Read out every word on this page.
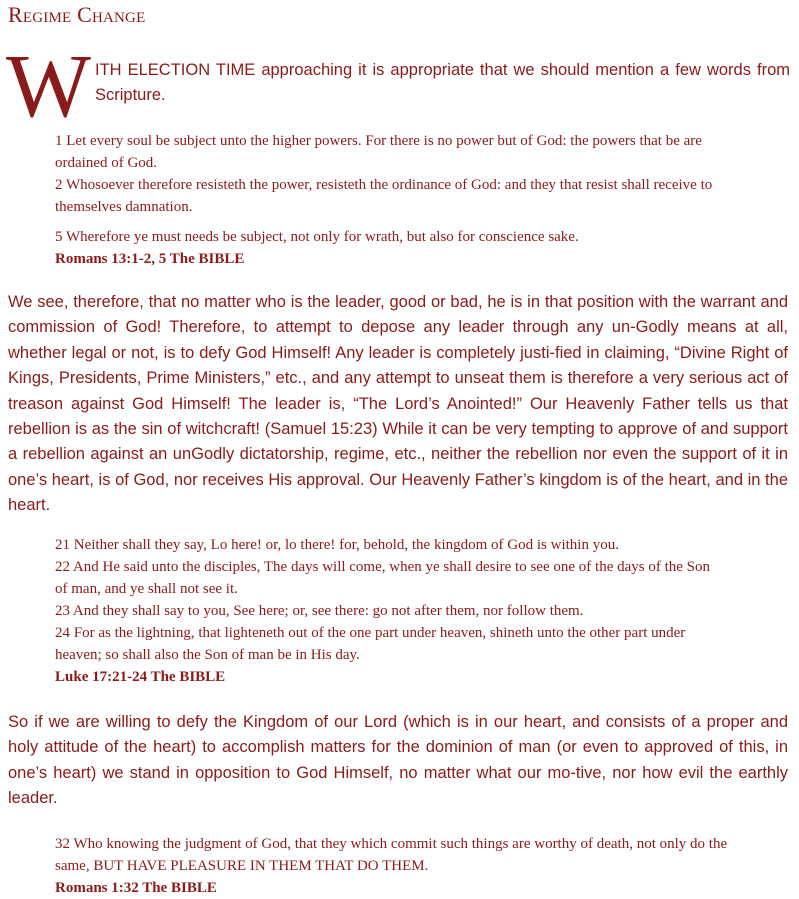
Regime Change
W ITH ELECTION TIME approaching it is appropriate that we should mention a few words from Scripture.

1 Let every soul be subject unto the higher powers. For there is no power but of God: the powers that be are ordained of God.

2 Whosoever therefore resisteth the power, resisteth the ordinance of God: and they that resist shall receive to themselves damnation.

5 Wherefore ye must needs be subject, not only for wrath, but also for conscience sake.

Romans 13:1-2, 5 The BIBLE

We see, therefore, that no matter who is the leader, good or bad, he is in that position with the warrant and commission of God! Therefore, to attempt to depose any leader through any un-Godly means at all, whether legal or not, is to defy God Himself! Any leader is completely justi-fied in claiming, “Divine Right of Kings, Presidents, Prime Ministers,” etc., and any attempt to unseat them is therefore a very serious act of treason against God Himself! The leader is, “The Lord’s Anointed!” Our Heavenly Father tells us that rebellion is as the sin of witchcraft! (Samuel 15:23) While it can be very tempting to approve of and support a rebellion against an unGodly dictatorship, regime, etc., neither the rebellion nor even the support of it in one’s heart, is of God, nor receives His approval. Our Heavenly Father’s kingdom is of the heart, and in the heart.

21 Neither shall they say, Lo here! or, lo there! for, behold, the kingdom of God is within you.

22 And He said unto the disciples, The days will come, when ye shall desire to see one of the days of the Son of man, and ye shall not see it.

23 And they shall say to you, See here; or, see there: go not after them, nor follow them.

24 For as the lightning, that lighteneth out of the one part under heaven, shineth unto the other part under heaven; so shall also the Son of man be in His day.

Luke 17:21-24 The BIBLE

So if we are willing to defy the Kingdom of our Lord (which is in our heart, and consists of a proper and holy attitude of the heart) to accomplish matters for the dominion of man (or even to approved of this, in one’s heart) we stand in opposition to God Himself, no matter what our mo-tive, nor how evil the earthly leader.

32 Who knowing the judgment of God, that they which commit such things are worthy of death, not only do the same, BUT HAVE PLEASURE IN THEM THAT DO THEM.

Romans 1:32 The BIBLE
